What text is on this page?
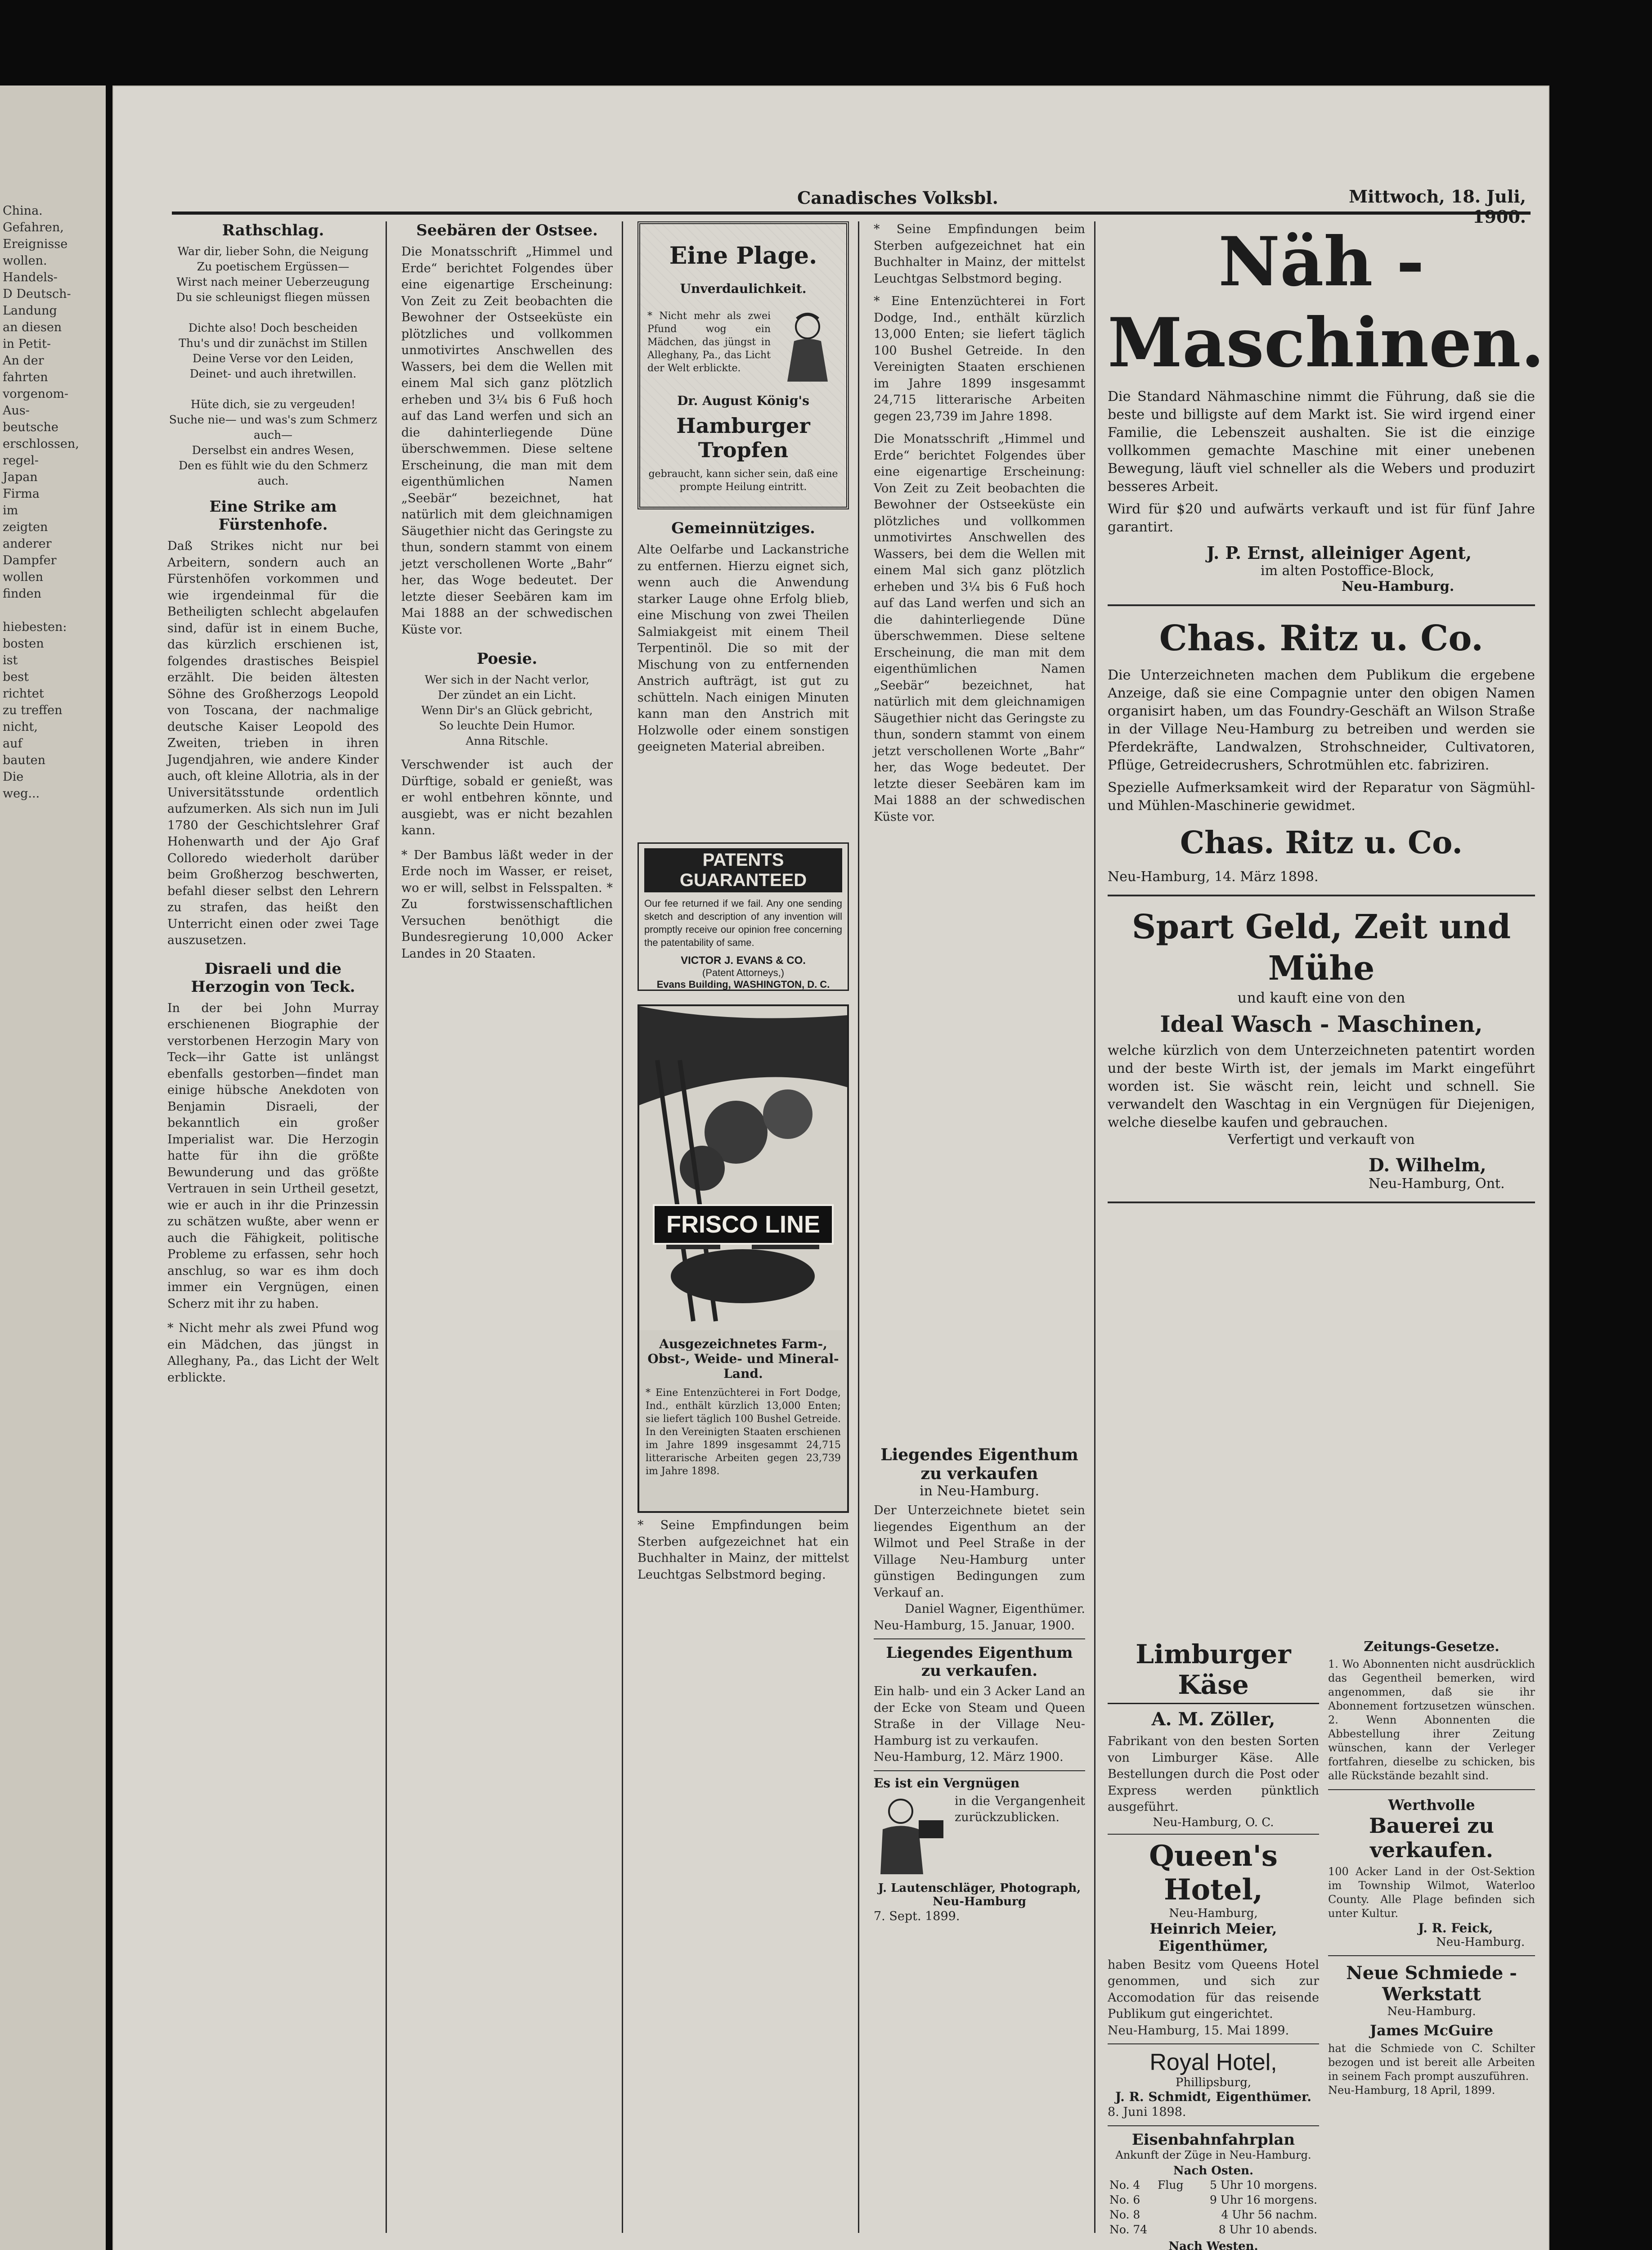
China.
Gefahren,
Ereignisse
wollen.
Handels-
D Deutsch-
Landung
an diesen
in Petit-
An der
fahrten
vorgenom-
Aus-
beutsche
erschlossen,
regel-
Japan
Firma
im
zeigten
anderer
Dampfer
wollen
finden

hiebesten:
bosten
ist
best
richtet
zu treffen
nicht,
auf
bauten
Die
weg...
Canadisches Volksbl.	Mittwoch, 18. Juli, 1900.
Rathschlag.
War dir, lieber Sohn, die Neigung
Zu poetischem Ergüssen—
Wirst nach meiner Ueberzeugung
Du sie schleunigst fliegen müssen

Dichte also! Doch bescheiden
Thu's und dir zunächst im Stillen
Deine Verse vor den Leiden,
Deinet- und auch ihretwillen.

Hüte dich, sie zu vergeuden!
Suche nie— und was's zum Schmerz auch—
Derselbst ein andres Wesen,
Den es fühlt wie du den Schmerz auch.
Eine Strike am Fürstenhofe.
Daß Strikes nicht nur bei Arbeitern, sondern auch an Fürstenhöfen vorkommen und wie irgendeinmal für die Betheiligten schlecht abgelaufen sind, dafür ist in einem Buche, das kürzlich erschienen ist, folgendes drastisches Beispiel erzählt. Die beiden ältesten Söhne des Großherzogs Leopold von Toscana, der nachmalige deutsche Kaiser Leopold des Zweiten, trieben in ihren Jugendjahren, wie andere Kinder auch, oft kleine Allotria, als in der Universitätsstunde ordentlich aufzumerken. Als sich nun im Juli 1780 der Geschichtslehrer Graf Hohenwarth und der Ajo Graf Colloredo wiederholt darüber beim Großherzog beschwerten, befahl dieser selbst den Lehrern zu strafen, das heißt den Unterricht einen oder zwei Tage auszusetzen.
Disraeli und die Herzogin von Teck.
In der bei John Murray erschienenen Biographie der verstorbenen Herzogin Mary von Teck—ihr Gatte ist unlängst ebenfalls gestorben—findet man einige hübsche Anekdoten von Benjamin Disraeli, der bekanntlich ein großer Imperialist war. Die Herzogin hatte für ihn die größte Bewunderung und das größte Vertrauen in sein Urtheil gesetzt, wie er auch in ihr die Prinzessin zu schätzen wußte, aber wenn er auch die Fähigkeit, politische Probleme zu erfassen, sehr hoch anschlug, so war es ihm doch immer ein Vergnügen, einen Scherz mit ihr zu haben.
* Nicht mehr als zwei Pfund wog ein Mädchen, das jüngst in Alleghany, Pa., das Licht der Welt erblickte.
Seebären der Ostsee.
Die Monatsschrift „Himmel und Erde“ berichtet Folgendes über eine eigenartige Erscheinung: Von Zeit zu Zeit beobachten die Bewohner der Ostseeküste ein plötzliches und vollkommen unmotivirtes Anschwellen des Wassers, bei dem die Wellen mit einem Mal sich ganz plötzlich erheben und 3¼ bis 6 Fuß hoch auf das Land werfen und sich an die dahinterliegende Düne überschwemmen. Diese seltene Erscheinung, die man mit dem eigenthümlichen Namen „Seebär“ bezeichnet, hat natürlich mit dem gleichnamigen Säugethier nicht das Geringste zu thun, sondern stammt von einem jetzt verschollenen Worte „Bahr“ her, das Woge bedeutet. Der letzte dieser Seebären kam im Mai 1888 an der schwedischen Küste vor.
Poesie.
Wer sich in der Nacht verlor,
Der zündet an ein Licht.
Wenn Dir's an Glück gebricht,
So leuchte Dein Humor.
Anna Ritschle.
Verschwender ist auch der Dürftige, sobald er genießt, was er wohl entbehren könnte, und ausgiebt, was er nicht bezahlen kann.
* Der Bambus läßt weder in der Erde noch im Wasser, er reiset, wo er will, selbst in Felsspalten. * Zu forstwissenschaftlichen Versuchen benöthigt die Bundesregierung 10,000 Acker Landes in 20 Staaten.
Eine Plage.
Unverdaulichkeit.
* Nicht mehr als zwei Pfund wog ein Mädchen, das jüngst in Alleghany, Pa., das Licht der Welt erblickte.
Dr. August König's
Hamburger Tropfen
gebraucht, kann sicher sein, daß eine prompte Heilung eintritt.
Gemeinnütziges.
Alte Oelfarbe und Lackanstriche zu entfernen. Hierzu eignet sich, wenn auch die Anwendung starker Lauge ohne Erfolg blieb, eine Mischung von zwei Theilen Salmiakgeist mit einem Theil Terpentinöl. Die so mit der Mischung von zu entfernenden Anstrich aufträgt, ist gut zu schütteln. Nach einigen Minuten kann man den Anstrich mit Holzwolle oder einem sonstigen geeigneten Material abreiben.
PATENTS GUARANTEED
Our fee returned if we fail. Any one sending sketch and description of any invention will promptly receive our opinion free concerning the patentability of same.
VICTOR J. EVANS & CO.
(Patent Attorneys,)
Evans Building, WASHINGTON, D. C.
FRISCO LINE
Ausgezeichnetes Farm-, Obst-, Weide- und Mineral-Land.
* Eine Entenzüchterei in Fort Dodge, Ind., enthält kürzlich 13,000 Enten; sie liefert täglich 100 Bushel Getreide. In den Vereinigten Staaten erschienen im Jahre 1899 insgesammt 24,715 litterarische Arbeiten gegen 23,739 im Jahre 1898.
* Seine Empfindungen beim Sterben aufgezeichnet hat ein Buchhalter in Mainz, der mittelst Leuchtgas Selbstmord beging.
* Seine Empfindungen beim Sterben aufgezeichnet hat ein Buchhalter in Mainz, der mittelst Leuchtgas Selbstmord beging.
* Eine Entenzüchterei in Fort Dodge, Ind., enthält kürzlich 13,000 Enten; sie liefert täglich 100 Bushel Getreide. In den Vereinigten Staaten erschienen im Jahre 1899 insgesammt 24,715 litterarische Arbeiten gegen 23,739 im Jahre 1898.
Die Monatsschrift „Himmel und Erde“ berichtet Folgendes über eine eigenartige Erscheinung: Von Zeit zu Zeit beobachten die Bewohner der Ostseeküste ein plötzliches und vollkommen unmotivirtes Anschwellen des Wassers, bei dem die Wellen mit einem Mal sich ganz plötzlich erheben und 3¼ bis 6 Fuß hoch auf das Land werfen und sich an die dahinterliegende Düne überschwemmen. Diese seltene Erscheinung, die man mit dem eigenthümlichen Namen „Seebär“ bezeichnet, hat natürlich mit dem gleichnamigen Säugethier nicht das Geringste zu thun, sondern stammt von einem jetzt verschollenen Worte „Bahr“ her, das Woge bedeutet. Der letzte dieser Seebären kam im Mai 1888 an der schwedischen Küste vor.
Liegendes Eigenthum zu verkaufen
in Neu-Hamburg.
Der Unterzeichnete bietet sein liegendes Eigenthum an der Wilmot und Peel Straße in der Village Neu-Hamburg unter günstigen Bedingungen zum Verkauf an.
Daniel Wagner, Eigenthümer.
Neu-Hamburg, 15. Januar, 1900.
Liegendes Eigenthum zu verkaufen.
Ein halb- und ein 3 Acker Land an der Ecke von Steam und Queen Straße in der Village Neu-Hamburg ist zu verkaufen.
Neu-Hamburg, 12. März 1900.
Es ist ein Vergnügen
in die Vergangenheit zurückzublicken.
J. Lautenschläger, Photograph, Neu-Hamburg
7. Sept. 1899.
Näh - Maschinen.
Die Standard Nähmaschine nimmt die Führung, daß sie die beste und billigste auf dem Markt ist. Sie wird irgend einer Familie, die Lebenszeit aushalten. Sie ist die einzige vollkommen gemachte Maschine mit einer unebenen Bewegung, läuft viel schneller als die Webers und produzirt besseres Arbeit.
Wird für $20 und aufwärts verkauft und ist für fünf Jahre garantirt.
J. P. Ernst, alleiniger Agent,
im alten Postoffice-Block,
Neu-Hamburg.
Chas. Ritz u. Co.
Die Unterzeichneten machen dem Publikum die ergebene Anzeige, daß sie eine Compagnie unter den obigen Namen organisirt haben, um das Foundry-Geschäft an Wilson Straße in der Village Neu-Hamburg zu betreiben und werden sie Pferdekräfte, Landwalzen, Strohschneider, Cultivatoren, Pflüge, Getreidecrushers, Schrotmühlen etc. fabriziren.
Spezielle Aufmerksamkeit wird der Reparatur von Sägmühl- und Mühlen-Maschinerie gewidmet.
Chas. Ritz u. Co.
Neu-Hamburg, 14. März 1898.
Spart Geld, Zeit und Mühe
und kauft eine von den
Ideal Wasch - Maschinen,
welche kürzlich von dem Unterzeichneten patentirt worden und der beste Wirth ist, der jemals im Markt eingeführt worden ist. Sie wäscht rein, leicht und schnell. Sie verwandelt den Waschtag in ein Vergnügen für Diejenigen, welche dieselbe kaufen und gebrauchen.
Verfertigt und verkauft von
D. Wilhelm,
Neu-Hamburg, Ont.
Limburger Käse
A. M. Zöller,
Fabrikant von den besten Sorten von Limburger Käse. Alle Bestellungen durch die Post oder Express werden pünktlich ausgeführt.
Neu-Hamburg, O. C.
Queen's Hotel,
Neu-Hamburg,
Heinrich Meier, Eigenthümer,
haben Besitz vom Queens Hotel genommen, und sich zur Accomodation für das reisende Publikum gut eingerichtet.
Neu-Hamburg, 15. Mai 1899.
Royal Hotel,
Phillipsburg,
J. R. Schmidt, Eigenthümer.
8. Juni 1898.
Eisenbahnfahrplan
Ankunft der Züge in Neu-Hamburg.
Nach Osten.
No. 4	Flug	5 Uhr 10 morgens.
No. 6		9 Uhr 16 morgens.
No. 8		4 Uhr 56 nachm.
No. 74		8 Uhr 10 abends.
Nach Westen.

Zeitungs-Gesetze.
1. Wo Abonnenten nicht ausdrücklich das Gegentheil bemerken, wird angenommen, daß sie ihr Abonnement fortzusetzen wünschen. 2. Wenn Abonnenten die Abbestellung ihrer Zeitung wünschen, kann der Verleger fortfahren, dieselbe zu schicken, bis alle Rückstände bezahlt sind.
Werthvolle
Bauerei zu verkaufen.
100 Acker Land in der Ost-Sektion im Township Wilmot, Waterloo County. Alle Plage befinden sich unter Kultur.
J. R. Feick,
Neu-Hamburg.
Neue Schmiede - Werkstatt
Neu-Hamburg.
James McGuire
hat die Schmiede von C. Schilter bezogen und ist bereit alle Arbeiten in seinem Fach prompt auszuführen.
Neu-Hamburg, 18 April, 1899.
